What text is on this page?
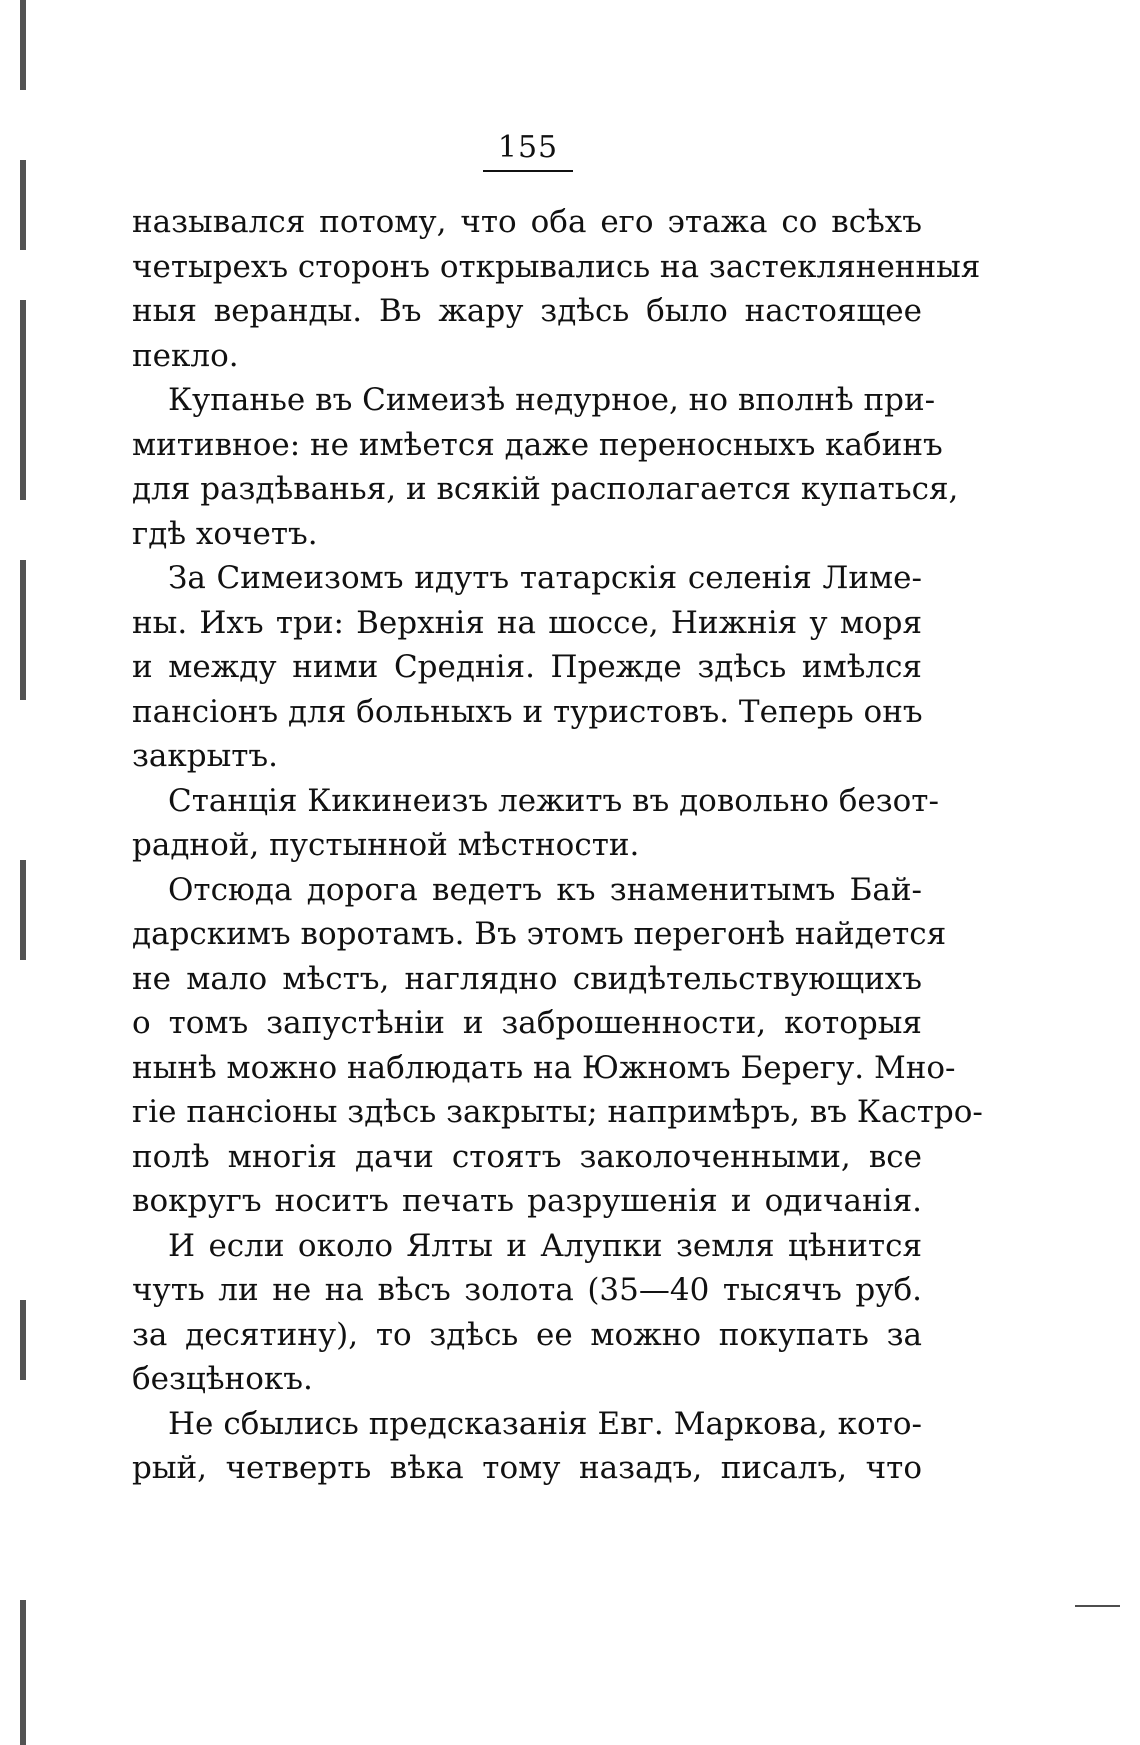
155
назывался потому, что оба его этажа со всѣхъ
четырехъ сторонъ открывались на застекляненныя
ныя веранды. Въ жару здѣсь было настоящее
пекло.
Купанье въ Симеизѣ недурное, но вполнѣ при-
митивное: не имѣется даже переносныхъ кабинъ
для раздѣванья, и всякій располагается купаться,
гдѣ хочетъ.
За Симеизомъ идутъ татарскія селенія Лиме-
ны. Ихъ три: Верхнія на шоссе, Нижнія у моря
и между ними Среднія. Прежде здѣсь имѣлся
пансіонъ для больныхъ и туристовъ. Теперь онъ
закрытъ.
Станція Кикинеизъ лежитъ въ довольно безот-
радной, пустынной мѣстности.
Отсюда дорога ведетъ къ знаменитымъ Бай-
дарскимъ воротамъ. Въ этомъ перегонѣ найдется
не мало мѣстъ, наглядно свидѣтельствующихъ
о томъ запустѣніи и заброшенности, которыя
нынѣ можно наблюдать на Южномъ Берегу. Мно-
гіе пансіоны здѣсь закрыты; напримѣръ, въ Кастро-
полѣ многія дачи стоятъ заколоченными, все
вокругъ носитъ печать разрушенія и одичанія.
И если около Ялты и Алупки земля цѣнится
чуть ли не на вѣсъ золота (35—40 тысячъ руб.
за десятину), то здѣсь ее можно покупать за
безцѣнокъ.
Не сбылись предсказанія Евг. Маркова, кото-
рый, четверть вѣка тому назадъ, писалъ, что
